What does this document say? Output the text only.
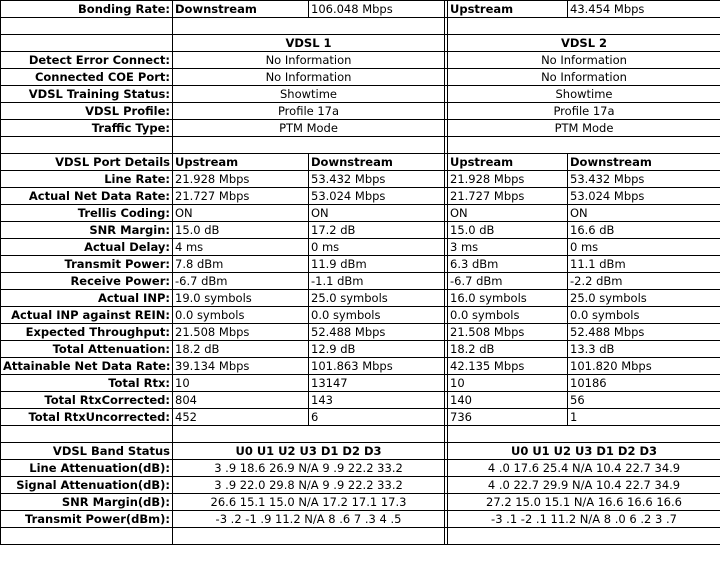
Bonding Rate:	Downstream	106.048 Mbps		Upstream	43.454 Mbps

	VDSL 1			VDSL 2	
Detect Error Connect:	No Information			No Information	
Connected COE Port:	No Information			No Information	
VDSL Training Status:	Showtime			Showtime	
VDSL Profile:	Profile 17a			Profile 17a	
Traffic Type:	PTM Mode			PTM Mode	

VDSL Port Details	Upstream	Downstream		Upstream	Downstream
Line Rate:	21.928 Mbps	53.432 Mbps		21.928 Mbps	53.432 Mbps
Actual Net Data Rate:	21.727 Mbps	53.024 Mbps		21.727 Mbps	53.024 Mbps
Trellis Coding:	ON	ON		ON	ON
SNR Margin:	15.0 dB	17.2 dB		15.0 dB	16.6 dB
Actual Delay:	4 ms	0 ms		3 ms	0 ms
Transmit Power:	7.8 dBm	11.9 dBm		6.3 dBm	11.1 dBm
Receive Power:	-6.7 dBm	-1.1 dBm		-6.7 dBm	-2.2 dBm
Actual INP:	19.0 symbols	25.0 symbols		16.0 symbols	25.0 symbols
Actual INP against REIN:	0.0 symbols	0.0 symbols		0.0 symbols	0.0 symbols
Expected Throughput:	21.508 Mbps	52.488 Mbps		21.508 Mbps	52.488 Mbps
Total Attenuation:	18.2 dB	12.9 dB		18.2 dB	13.3 dB
Attainable Net Data Rate:	39.134 Mbps	101.863 Mbps		42.135 Mbps	101.820 Mbps
Total Rtx:	10	13147		10	10186
Total RtxCorrected:	804	143		140	56
Total RtxUncorrected:	452	6		736	1

VDSL Band Status	U0 U1 U2 U3 D1 D2 D3			U0 U1 U2 U3 D1 D2 D3	
Line Attenuation(dB):	3 .9 18.6 26.9 N/A 9 .9 22.2 33.2			4 .0 17.6 25.4 N/A 10.4 22.7 34.9	
Signal Attenuation(dB):	3 .9 22.0 29.8 N/A 9 .9 22.2 33.2			4 .0 22.7 29.9 N/A 10.4 22.7 34.9	
SNR Margin(dB):	26.6 15.1 15.0 N/A 17.2 17.1 17.3			27.2 15.0 15.1 N/A 16.6 16.6 16.6	
Transmit Power(dBm):	-3 .2 -1 .9 11.2 N/A 8 .6 7 .3 4 .5			-3 .1 -2 .1 11.2 N/A 8 .0 6 .2 3 .7	
